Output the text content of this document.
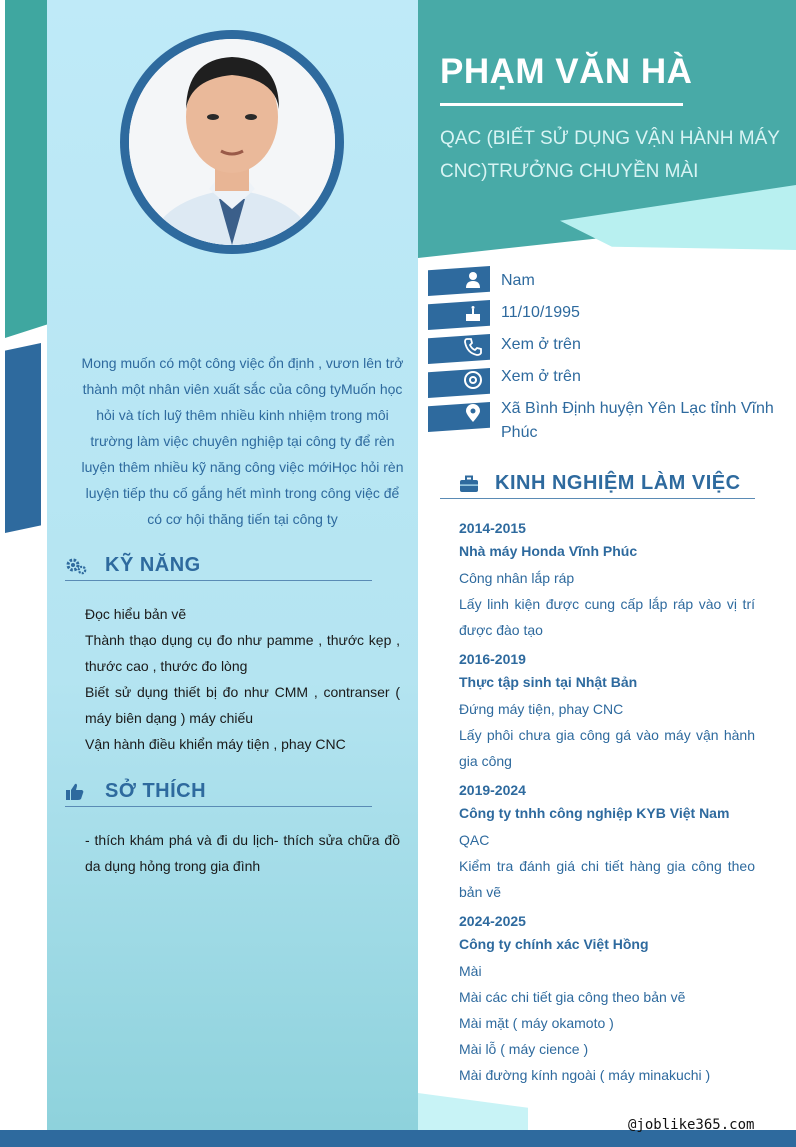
Mong muốn có một công việc ổn định , vươn lên trở thành một nhân viên xuất sắc của công tyMuốn học hỏi và tích luỹ thêm nhiều kinh nhiệm trong môi trường làm việc chuyên nghiệp tại công ty để rèn luyện thêm nhiều kỹ năng công việc mớiHọc hỏi rèn luyện tiếp thu cố gắng hết mình trong công việc để có cơ hội thăng tiến tại công ty
KỸ NĂNG
Đọc hiểu bản vẽ
Thành thạo dụng cụ đo như pamme , thước kẹp , thước cao , thước đo lòng
Biết sử dụng thiết bị đo như CMM , contranser ( máy biên dạng ) máy chiếu
Vận hành điều khiển máy tiện , phay CNC
SỞ THÍCH
- thích khám phá và đi du lịch- thích sửa chữa đồ da dụng hỏng trong gia đình
PHẠM VĂN HÀ
QAC (BIẾT SỬ DỤNG VẬN HÀNH MÁY CNC)TRƯỞNG CHUYỀN MÀI
Nam
11/10/1995
Xem ở trên
Xem ở trên
Xã Bình Định huyện Yên Lạc tỉnh Vĩnh Phúc
KINH NGHIỆM LÀM VIỆC
2014-2015
Nhà máy Honda Vĩnh Phúc
Công nhân lắp ráp
Lấy linh kiện được cung cấp lắp ráp vào vị trí được đào tạo
2016-2019
Thực tập sinh tại Nhật Bản
Đứng máy tiện, phay CNC
Lấy phôi chưa gia công gá vào máy vận hành gia công
2019-2024
Công ty tnhh công nghiệp KYB Việt Nam
QAC
Kiểm tra đánh giá chi tiết hàng gia công theo bản vẽ
2024-2025
Công ty chính xác Việt Hồng
Mài
Mài các chi tiết gia công theo bản vẽ
Mài mặt ( máy okamoto )
Mài lỗ ( máy cience )
Mài đường kính ngoài ( máy minakuchi )
@joblike365.com
